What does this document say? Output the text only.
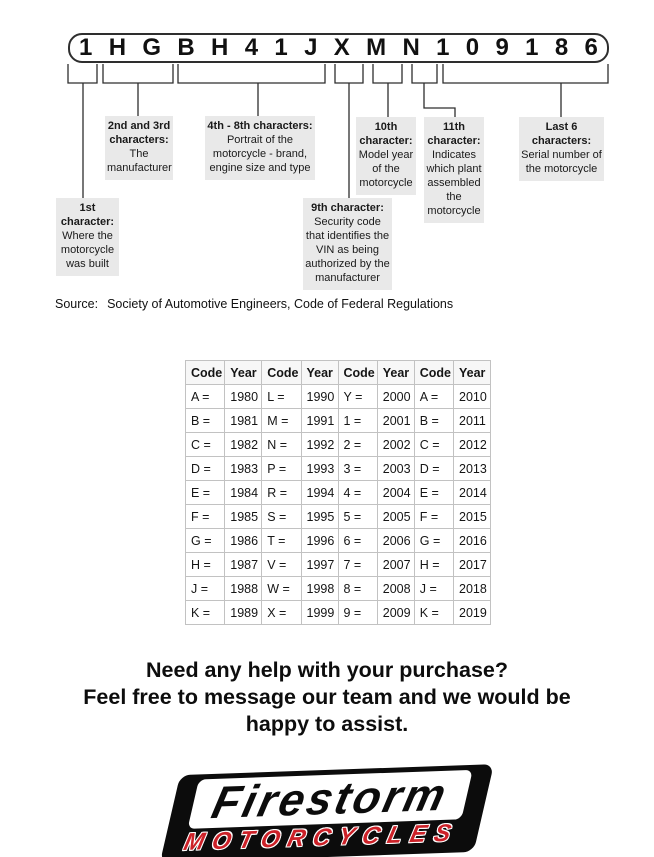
1 H G B H 4 1 J X M N 1 0 9 1 8 6
1st character:
Where the motorcycle was built
2nd and 3rd characters:
The manufacturer
4th - 8th characters:
Portrait of the motorcycle - brand, engine size and type
9th character:
Security code that identifies the VIN as being authorized by the manufacturer
10th character:
Model year of the motorcycle
11th character:
Indicates which plant assembled the motorcycle
Last 6 characters:
Serial number of the motorcycle
Source: Society of Automotive Engineers, Code of Federal Regulations
Code	Year	Code	Year	Code	Year	Code	Year
A =	1980	L =	1990	Y =	2000	A =	2010
B =	1981	M =	1991	1 =	2001	B =	2011
C =	1982	N =	1992	2 =	2002	C =	2012
D =	1983	P =	1993	3 =	2003	D =	2013
E =	1984	R =	1994	4 =	2004	E =	2014
F =	1985	S =	1995	5 =	2005	F =	2015
G =	1986	T =	1996	6 =	2006	G =	2016
H =	1987	V =	1997	7 =	2007	H =	2017
J =	1988	W =	1998	8 =	2008	J =	2018
K =	1989	X =	1999	9 =	2009	K =	2019
Need any help with your purchase?
Feel free to message our team and we would be happy to assist.
Firestorm
MOTORCYCLES
